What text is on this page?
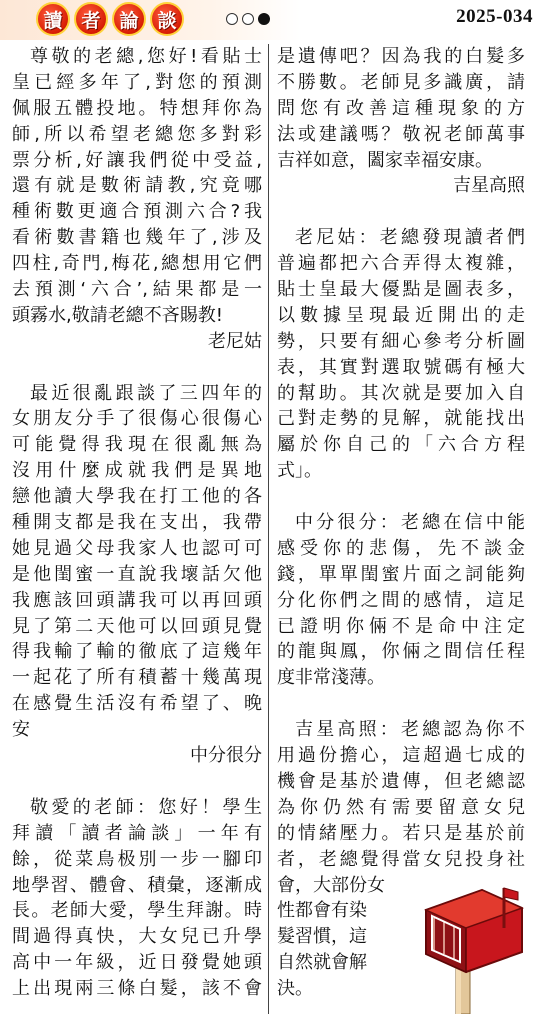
讀 者 論 談	2025-034
尊敬的老總,您好!看貼士
皇已經多年了,對您的預測
佩服五體投地。特想拜你為
師,所以希望老總您多對彩
票分析,好讓我們從中受益,
還有就是數術請教,究竟哪
種術數更適合預測六合?我
看術數書籍也幾年了,涉及
四柱,奇門,梅花,總想用它們
去預測‘六合’,結果都是一
頭霧水,敬請老總不吝賜教!
老尼姑
最近很亂跟談了三四年的
女朋友分手了很傷心很傷心
可能覺得我現在很亂無為
沒用什麼成就我們是異地
戀他讀大學我在打工他的各
種開支都是我在支出，我帶
她見過父母我家人也認可可
是他閨蜜一直說我壞話欠他
我應該回頭講我可以再回頭
見了第二天他可以回頭見覺
得我輸了輸的徹底了這幾年
一起花了所有積蓄十幾萬現
在感覺生活沒有希望了、晚
安
中分很分
敬愛的老師：您好！學生
拜讀「讀者論談」一年有
餘，從菜鳥极別一步一腳印
地學習、體會、積彙，逐漸成
長。老師大愛，學生拜謝。時
間過得真快，大女兒已升學
高中一年級，近日發覺她頭
上出現兩三條白髮，該不會
是遺傳吧？因為我的白髮多
不勝數。老師見多識廣，請
問您有改善這種現象的方
法或建議嗎？敬祝老師萬事
吉祥如意，闔家幸福安康。
吉星高照
老尼姑：老總發現讀者們
普遍都把六合弄得太複雜，
貼士皇最大優點是圖表多，
以數據呈現最近開出的走
勢，只要有細心參考分析圖
表，其實對選取號碼有極大
的幫助。其次就是要加入自
己對走勢的見解，就能找出
屬於你自己的「六合方程
式」。
中分很分：老總在信中能
感受你的悲傷，先不談金
錢，單單閨蜜片面之詞能夠
分化你們之間的感情，這足
已證明你倆不是命中注定
的龍與鳳，你倆之間信任程
度非常淺薄。
吉星高照：老總認為你不
用過份擔心，這超過七成的
機會是基於遺傳，但老總認
為你仍然有需要留意女兒
的情緒壓力。若只是基於前
者，老總覺得當女兒投身社
會，大部份女
性都會有染
髮習慣，這
自然就會解
決。
